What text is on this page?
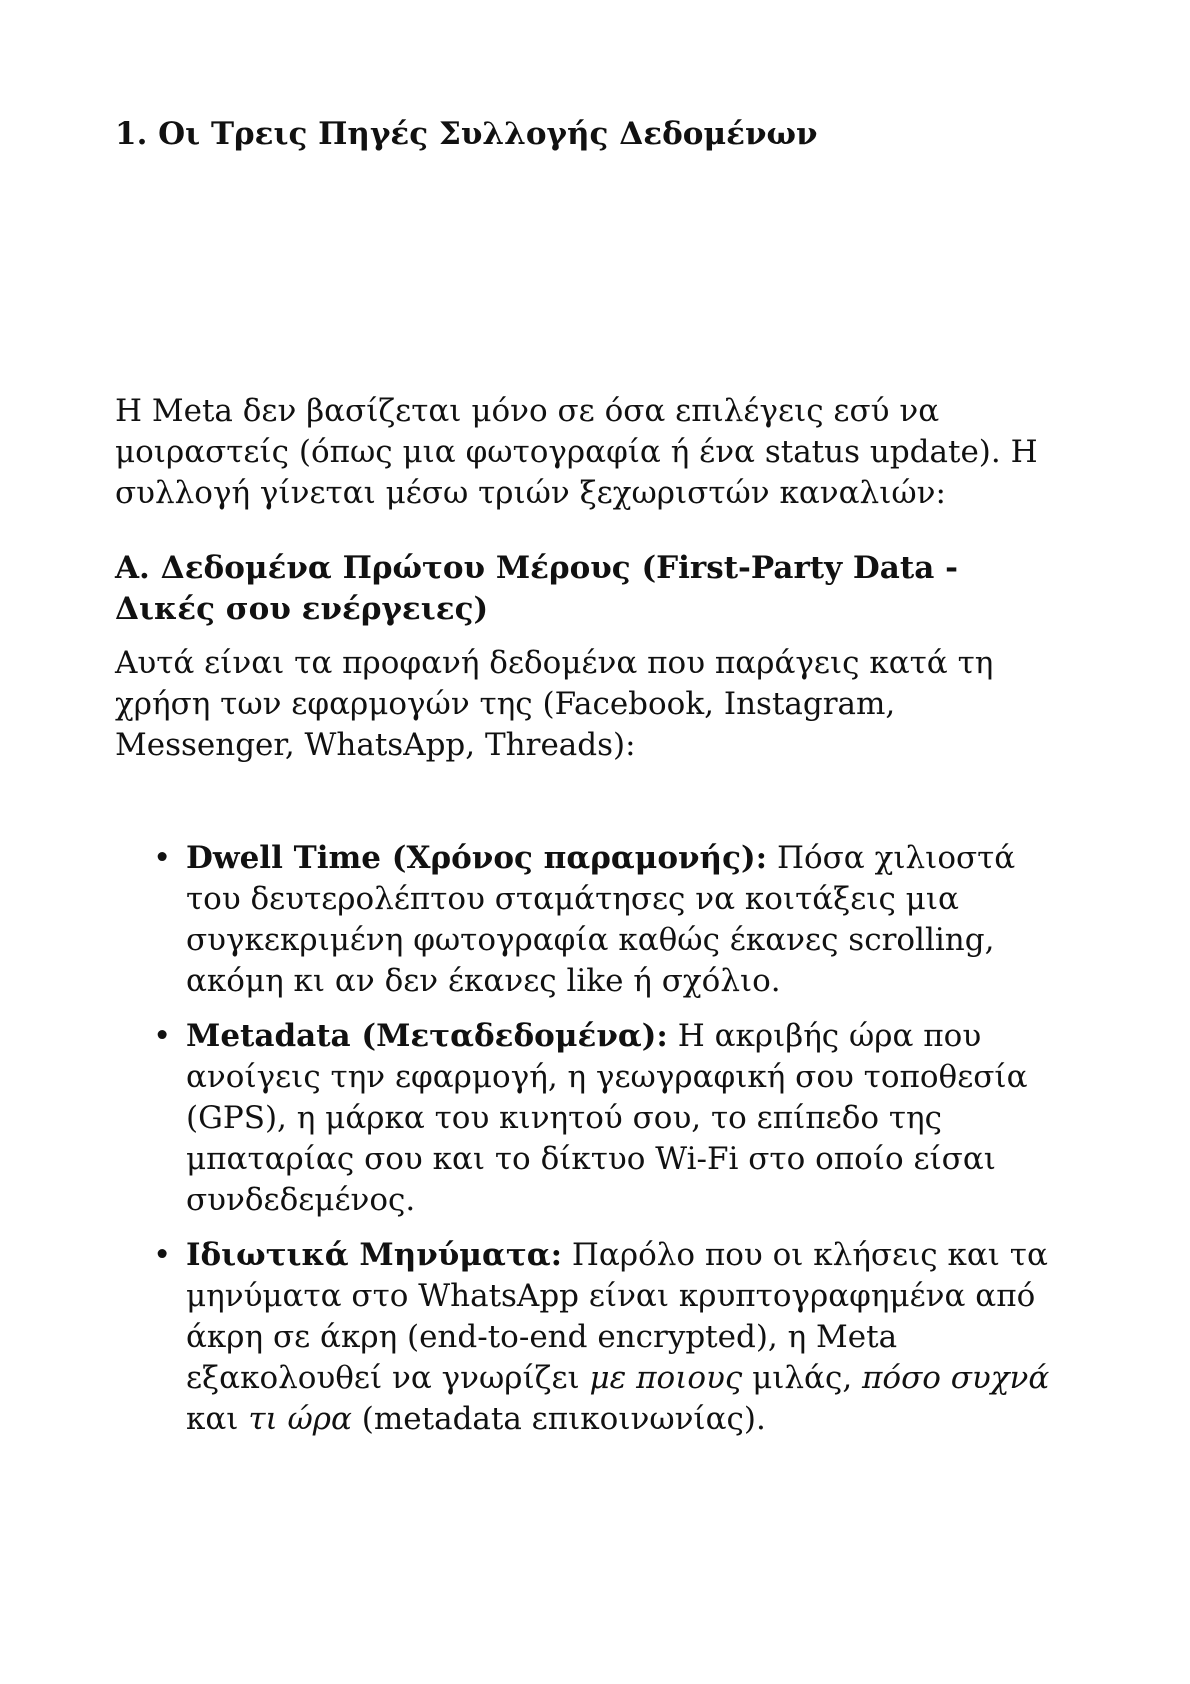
1. Οι Τρεις Πηγές Συλλογής Δεδομένων

Η Meta δεν βασίζεται μόνο σε όσα επιλέγεις εσύ να
μοιραστείς (όπως μια φωτογραφία ή ένα status update). Η
συλλογή γίνεται μέσω τριών ξεχωριστών καναλιών:

Α. Δεδομένα Πρώτου Μέρους (First-Party Data -
Δικές σου ενέργειες)

Αυτά είναι τα προφανή δεδομένα που παράγεις κατά τη
χρήση των εφαρμογών της (Facebook, Instagram,
Messenger, WhatsApp, Threads):

• Dwell Time (Χρόνος παραμονής): Πόσα χιλιοστά
του δευτερολέπτου σταμάτησες να κοιτάξεις μια
συγκεκριμένη φωτογραφία καθώς έκανες scrolling,
ακόμη κι αν δεν έκανες like ή σχόλιο.
• Metadata (Μεταδεδομένα): Η ακριβής ώρα που
ανοίγεις την εφαρμογή, η γεωγραφική σου τοποθεσία
(GPS), η μάρκα του κινητού σου, το επίπεδο της
μπαταρίας σου και το δίκτυο Wi-Fi στο οποίο είσαι
συνδεδεμένος.
• Ιδιωτικά Μηνύματα: Παρόλο που οι κλήσεις και τα
μηνύματα στο WhatsApp είναι κρυπτογραφημένα από
άκρη σε άκρη (end-to-end encrypted), η Meta
εξακολουθεί να γνωρίζει με ποιους μιλάς, πόσο συχνά
και τι ώρα (metadata επικοινωνίας).
